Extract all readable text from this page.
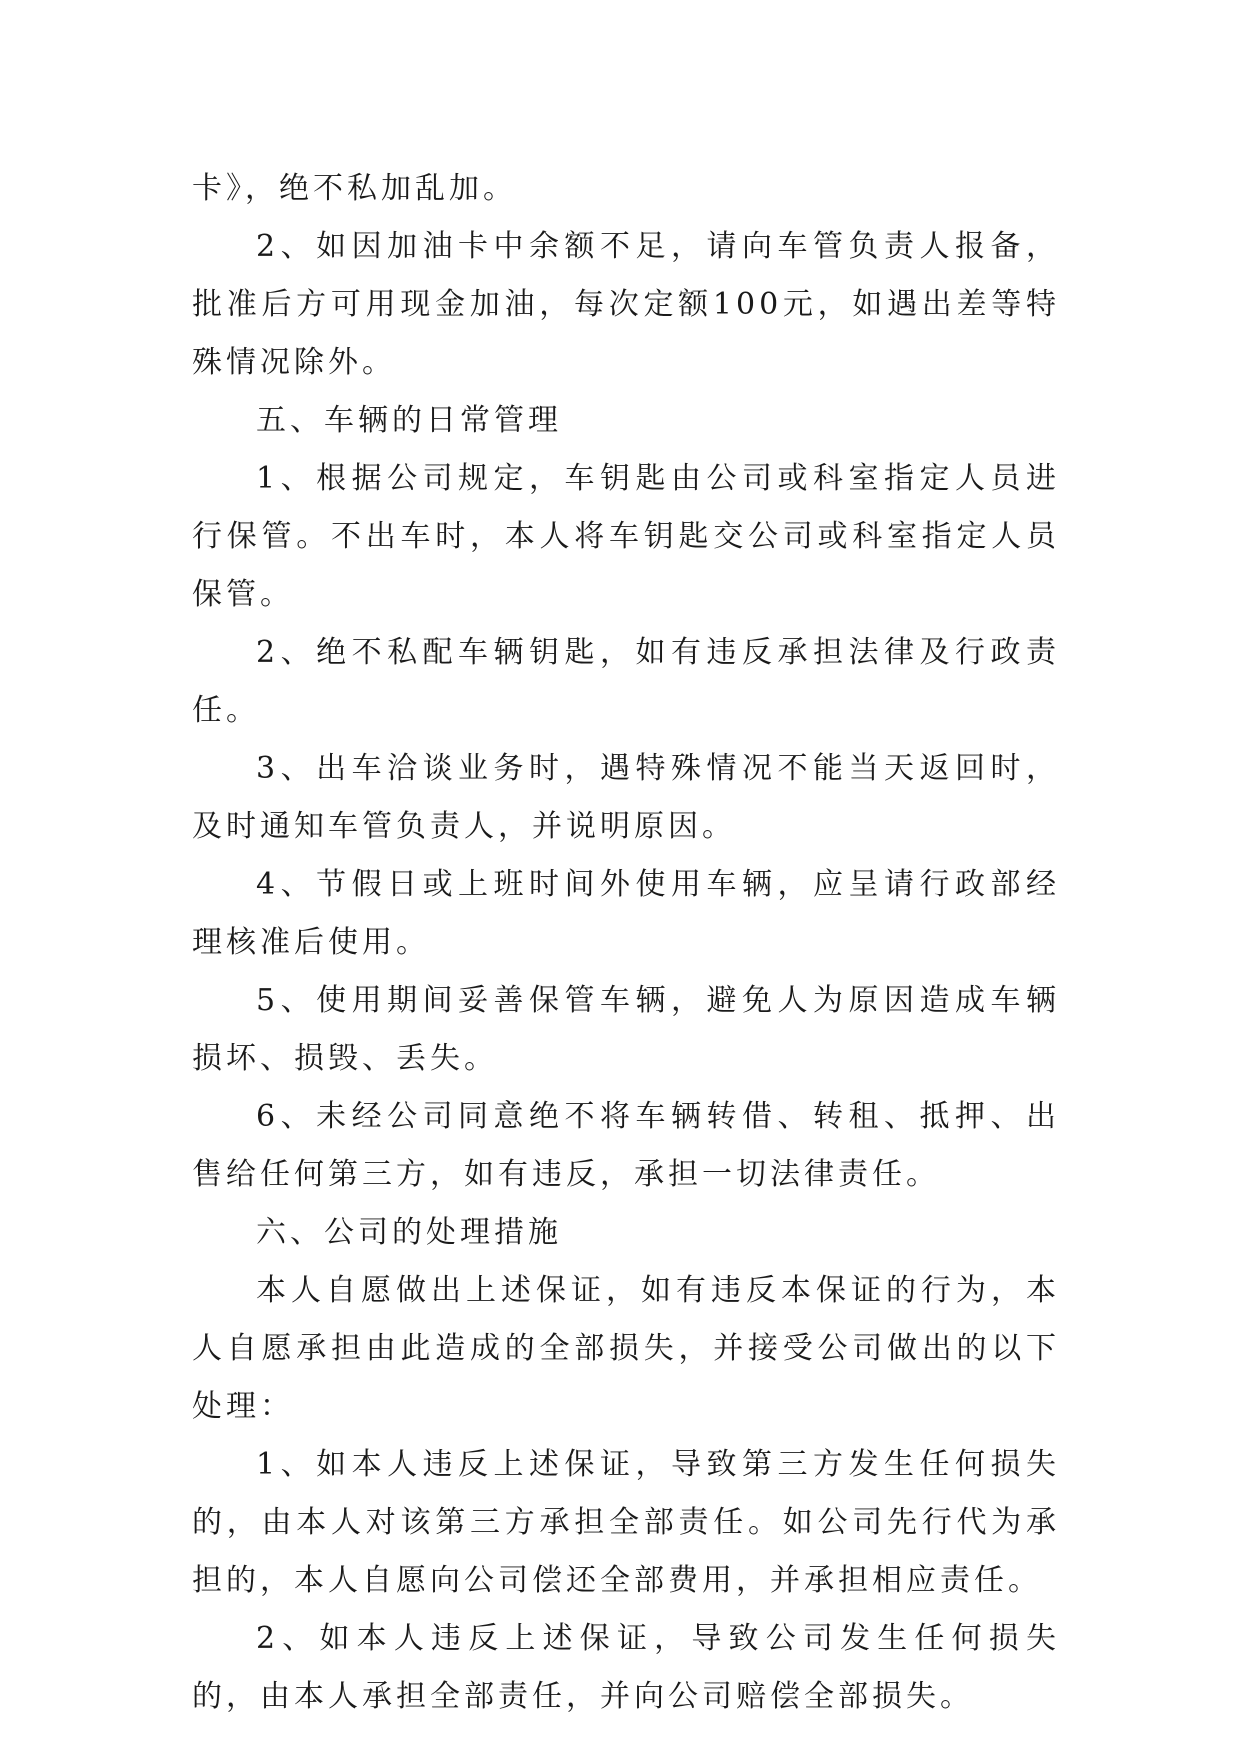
卡》，绝不私加乱加。

2、如因加油卡中余额不足，请向车管负责人报备，批准后方可用现金加油，每次定额100元，如遇出差等特殊情况除外。

五、车辆的日常管理

1、根据公司规定，车钥匙由公司或科室指定人员进行保管。不出车时，本人将车钥匙交公司或科室指定人员保管。

2、绝不私配车辆钥匙，如有违反承担法律及行政责任。

3、出车洽谈业务时，遇特殊情况不能当天返回时，及时通知车管负责人，并说明原因。

4、节假日或上班时间外使用车辆，应呈请行政部经理核准后使用。

5、使用期间妥善保管车辆，避免人为原因造成车辆损坏、损毁、丢失。

6、未经公司同意绝不将车辆转借、转租、抵押、出售给任何第三方，如有违反，承担一切法律责任。

六、公司的处理措施

本人自愿做出上述保证，如有违反本保证的行为，本人自愿承担由此造成的全部损失，并接受公司做出的以下处理：

1、如本人违反上述保证，导致第三方发生任何损失的，由本人对该第三方承担全部责任。如公司先行代为承担的，本人自愿向公司偿还全部费用，并承担相应责任。

2、如本人违反上述保证，导致公司发生任何损失的，由本人承担全部责任，并向公司赔偿全部损失。
